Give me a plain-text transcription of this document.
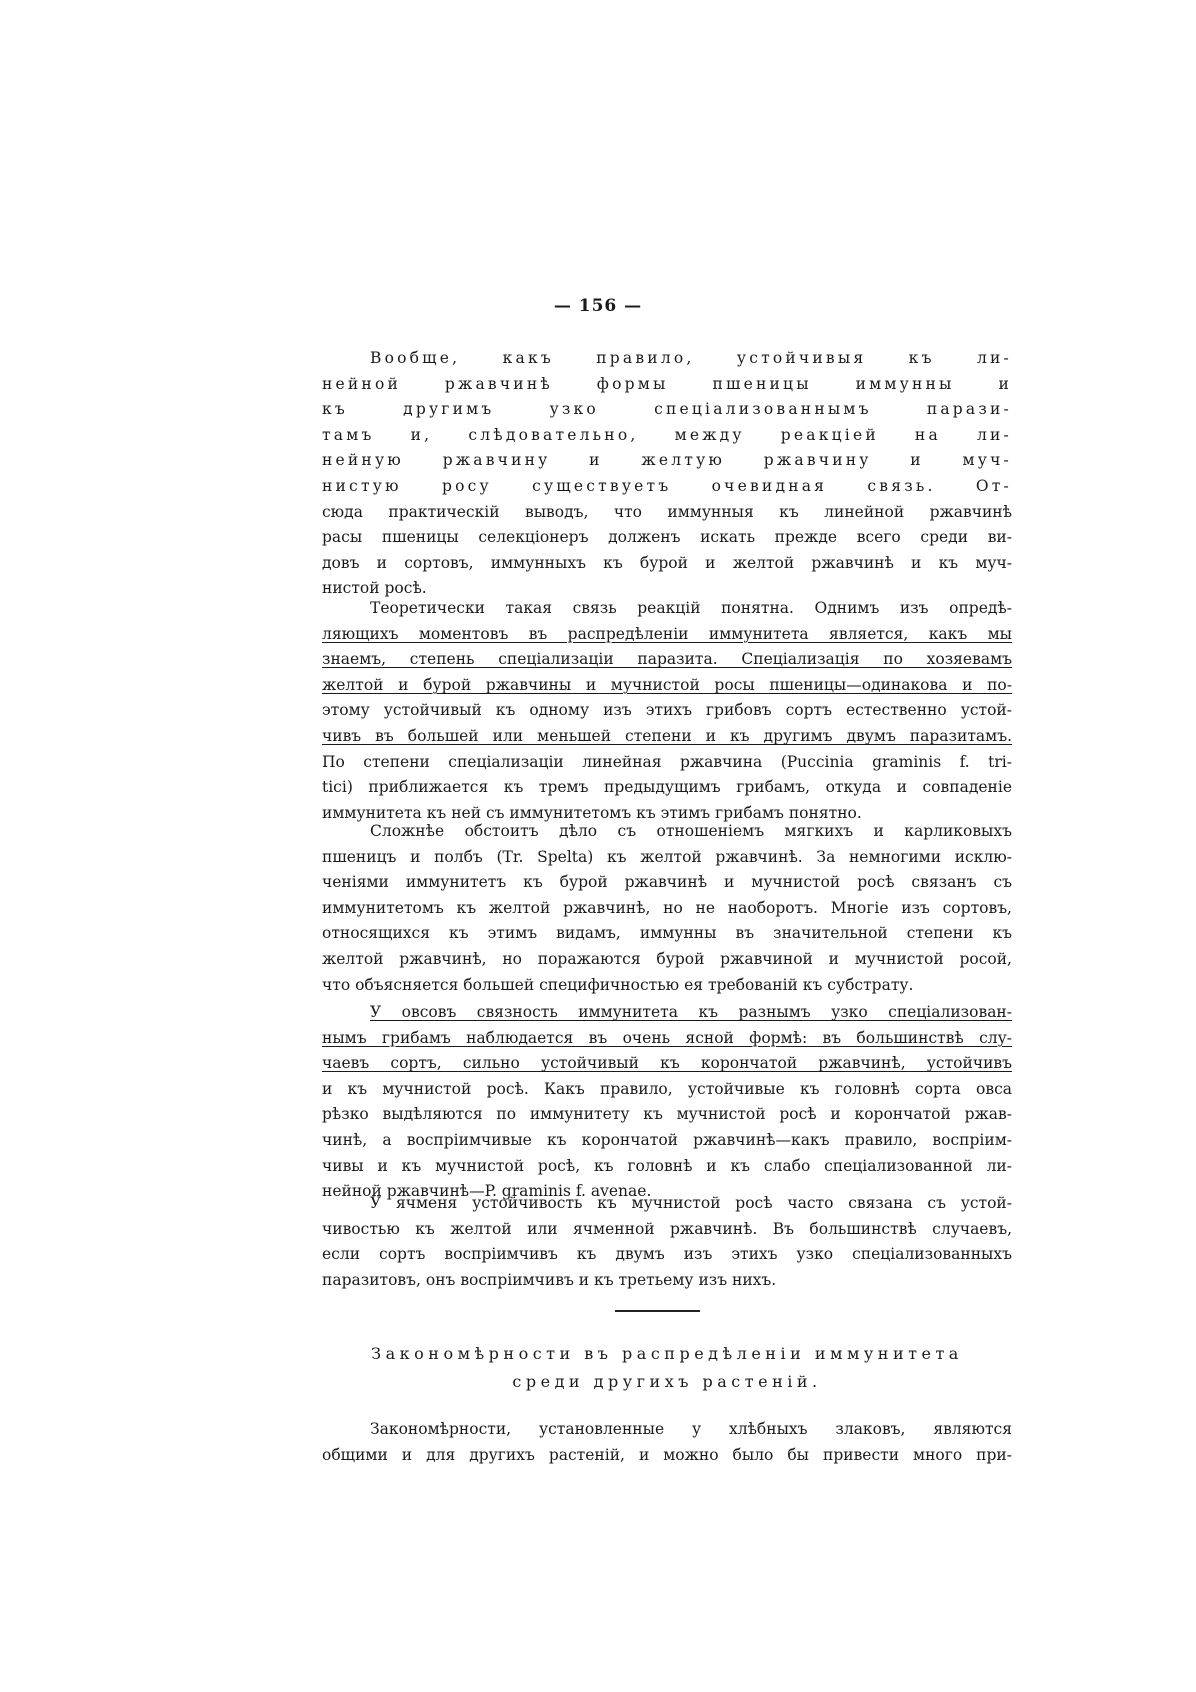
— 156 —
Вообще, какъ правило, устойчивыя къ ли-
нейной ржавчинѣ формы пшеницы иммунны и
къ другимъ узко спеціализованнымъ парази-
тамъ и, слѣдовательно, между реакціей на ли-
нейную ржавчину и желтую ржавчину и муч-
нистую росу существуетъ очевидная связь. От-
сюда практическій выводъ, что иммунныя къ линейной ржавчинѣ
расы пшеницы селекціонеръ долженъ искать прежде всего среди ви-
довъ и сортовъ, иммунныхъ къ бурой и желтой ржавчинѣ и къ муч-
нистой росѣ.
Теоретически такая связь реакцій понятна. Однимъ изъ опредѣ-
ляющихъ моментовъ въ распредѣленіи иммунитета является, какъ мы
знаемъ, степень спеціализаціи паразита. Спеціализація по хозяевамъ
желтой и бурой ржавчины и мучнистой росы пшеницы—одинакова и по-
этому устойчивый къ одному изъ этихъ грибовъ сортъ естественно устой-
чивъ въ большей или меньшей степени и къ другимъ двумъ паразитамъ.
По степени спеціализаціи линейная ржавчина (Puccinia graminis f. tri-
tici) приближается къ тремъ предыдущимъ грибамъ, откуда и совпаденіе
иммунитета къ ней съ иммунитетомъ къ этимъ грибамъ понятно.
Сложнѣе обстоитъ дѣло съ отношеніемъ мягкихъ и карликовыхъ
пшеницъ и полбъ (Tr. Spelta) къ желтой ржавчинѣ. За немногими исклю-
ченіями иммунитетъ къ бурой ржавчинѣ и мучнистой росѣ связанъ съ
иммунитетомъ къ желтой ржавчинѣ, но не наоборотъ. Многіе изъ сортовъ,
относящихся къ этимъ видамъ, иммунны въ значительной степени къ
желтой ржавчинѣ, но поражаются бурой ржавчиной и мучнистой росой,
что объясняется большей специфичностью ея требованій къ субстрату.
У овсовъ связность иммунитета къ разнымъ узко спеціализован-
нымъ грибамъ наблюдается въ очень ясной формѣ: въ большинствѣ слу-
чаевъ сортъ, сильно устойчивый къ корончатой ржавчинѣ, устойчивъ
и къ мучнистой росѣ. Какъ правило, устойчивые къ головнѣ сорта овса
рѣзко выдѣляются по иммунитету къ мучнистой росѣ и корончатой ржав-
чинѣ, а воспріимчивые къ корончатой ржавчинѣ—какъ правило, воспріим-
чивы и къ мучнистой росѣ, къ головнѣ и къ слабо спеціализованной ли-
нейной ржавчинѣ—P. graminis f. avenae.
У ячменя устойчивость къ мучнистой росѣ часто связана съ устой-
чивостью къ желтой или ячменной ржавчинѣ. Въ большинствѣ случаевъ,
если сортъ воспріимчивъ къ двумъ изъ этихъ узко спеціализованныхъ
паразитовъ, онъ воспріимчивъ и къ третьему изъ нихъ.
Закономѣрности въ распредѣленіи иммунитета
среди другихъ растеній.
Закономѣрности, установленные у хлѣбныхъ злаковъ, являются
общими и для другихъ растеній, и можно было бы привести много при-
